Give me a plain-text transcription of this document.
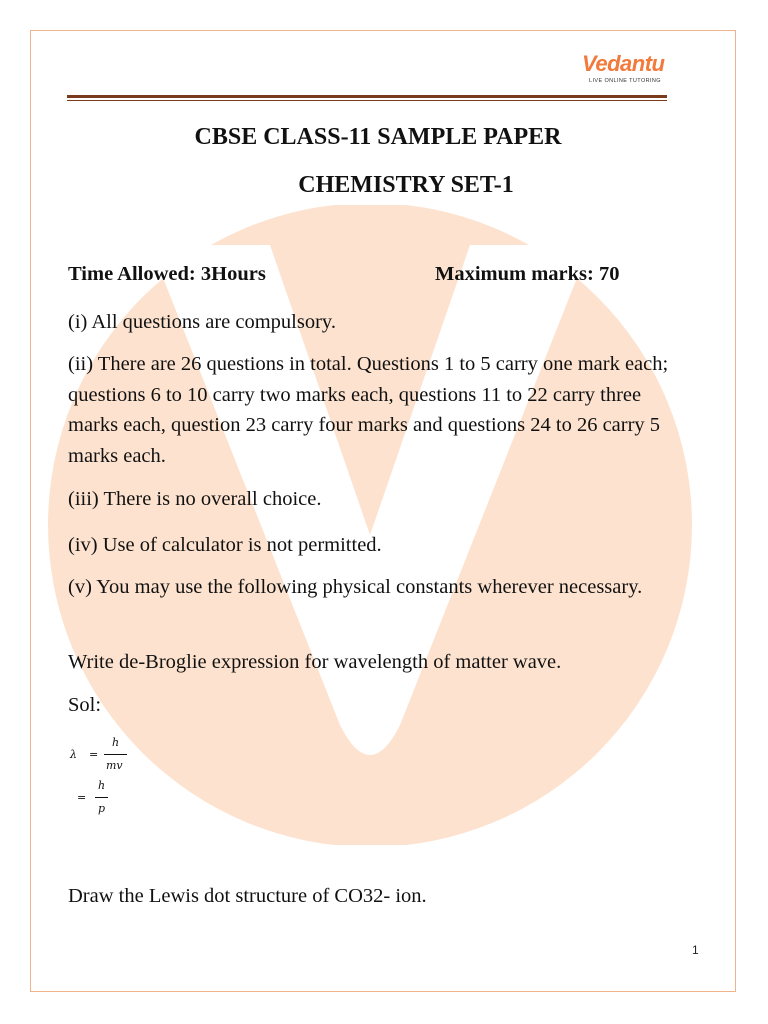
Vedantu
LIVE ONLINE TUTORING
CBSE CLASS-11 SAMPLE PAPER
CHEMISTRY SET-1
Time Allowed: 3Hours	Maximum marks: 70
(i) All questions are compulsory.
(ii) There are 26 questions in total. Questions 1 to 5 carry one mark each; questions 6 to 10 carry two marks each, questions 11 to 22 carry three marks each, question 23 carry four marks and questions 24 to 26 carry 5 marks each.
(iii) There is no overall choice.
(iv) Use of calculator is not permitted.
(v) You may use the following physical constants wherever necessary.
Write de-Broglie expression for wavelength of matter wave.
Sol:
λ =
h
mv
=
h
p
Draw the Lewis dot structure of CO32- ion.
1
